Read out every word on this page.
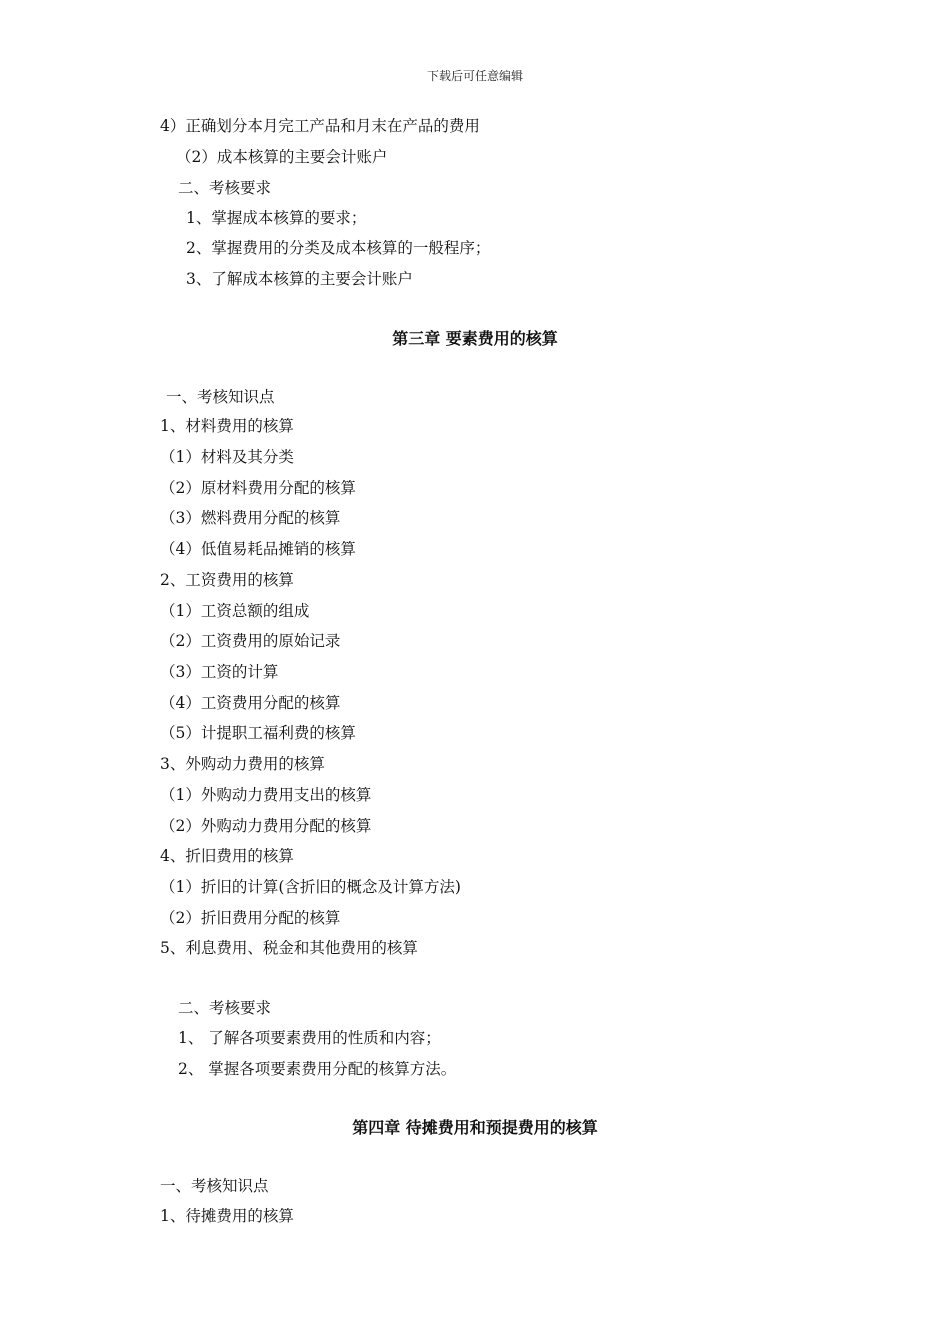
下载后可任意编辑
4）正确划分本月完工产品和月末在产品的费用
（2）成本核算的主要会计账户
二、考核要求
1、掌握成本核算的要求；
2、掌握费用的分类及成本核算的一般程序；
3、了解成本核算的主要会计账户
第三章 要素费用的核算
一、考核知识点
1、材料费用的核算
（1）材料及其分类
（2）原材料费用分配的核算
（3）燃料费用分配的核算
（4）低值易耗品摊销的核算
2、工资费用的核算
（1）工资总额的组成
（2）工资费用的原始记录
（3）工资的计算
（4）工资费用分配的核算
（5）计提职工福利费的核算
3、外购动力费用的核算
（1）外购动力费用支出的核算
（2）外购动力费用分配的核算
4、折旧费用的核算
（1）折旧的计算(含折旧的概念及计算方法)
（2）折旧费用分配的核算
5、利息费用、税金和其他费用的核算
二、考核要求
1、 了解各项要素费用的性质和内容；
2、 掌握各项要素费用分配的核算方法。
第四章 待摊费用和预提费用的核算
一、考核知识点
1、待摊费用的核算
